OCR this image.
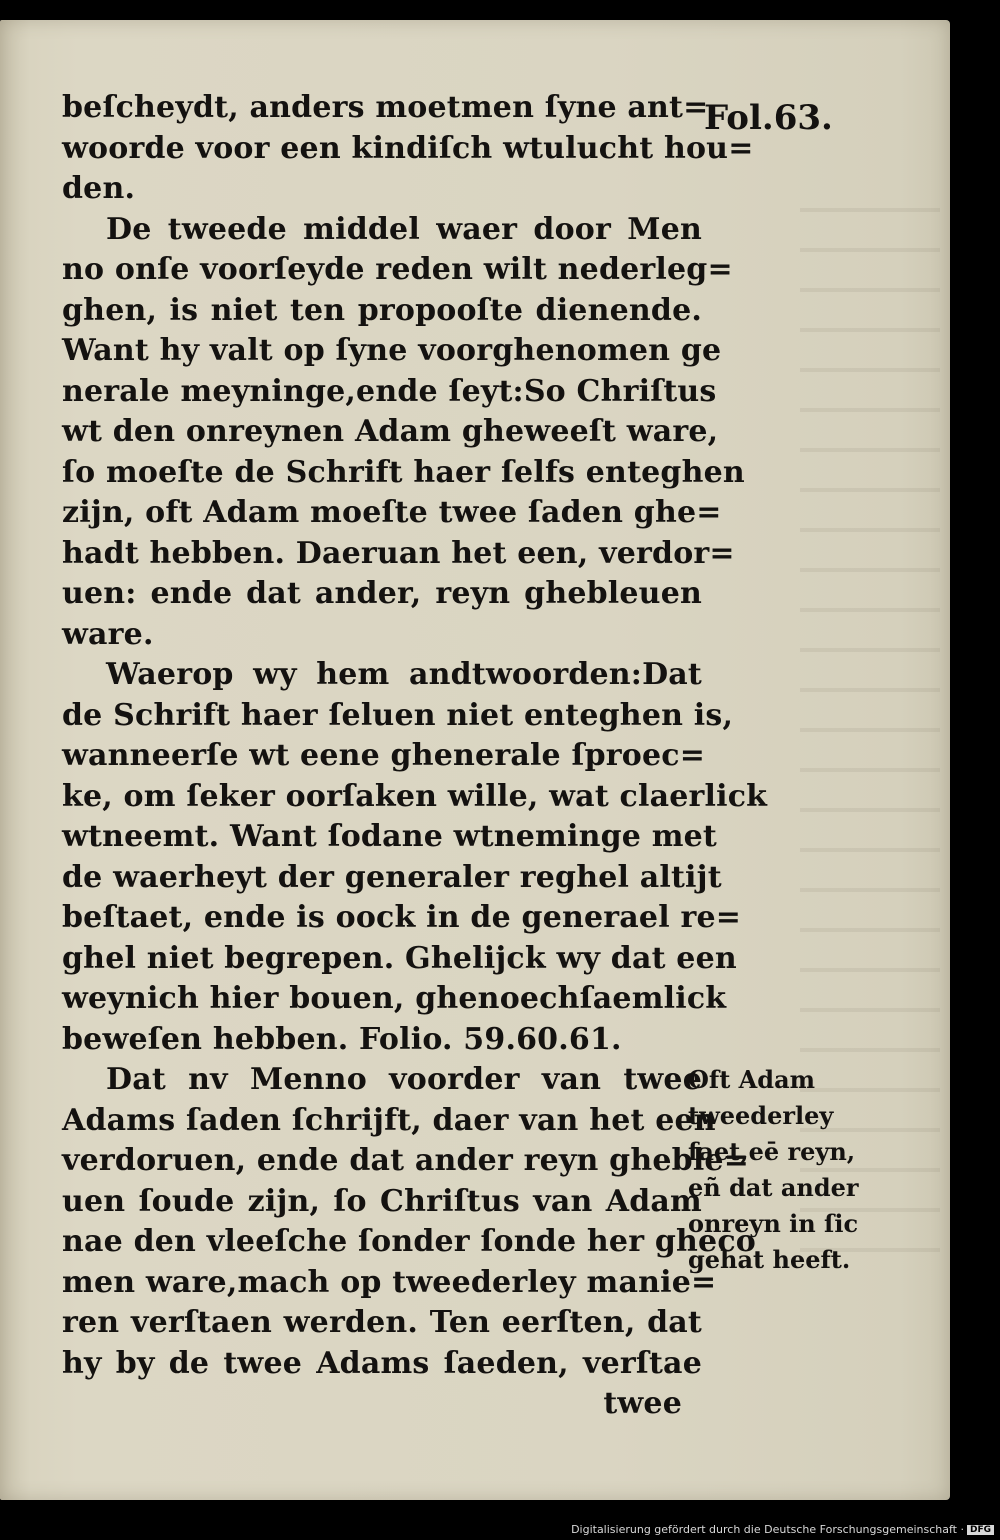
Fol.63.
beſcheydt, anders moetmen ſyne ant=
woorde voor een kindiſch wtulucht hou=
den.
De tweede middel waer door Men
no onſe voorſeyde reden wilt nederleg=
ghen, is niet ten propooſte dienende.
Want hy valt op ſyne voorghenomen ge
nerale meyninge,ende ſeyt:So Chriſtus
wt den onreynen Adam gheweeſt ware,
ſo moeſte de Schrift haer ſelfs enteghen
zijn, oft Adam moeſte twee ſaden ghe=
hadt hebben. Daeruan het een, verdor=
uen: ende dat ander, reyn ghebleuen
ware.
Waerop wy hem andtwoorden:Dat
de Schrift haer ſeluen niet enteghen is,
wanneerſe wt eene ghenerale ſproec=
ke, om ſeker oorſaken wille, wat claerlick
wtneemt. Want ſodane wtneminge met
de waerheyt der generaler reghel altijt
beſtaet, ende is oock in de generael re=
ghel niet begrepen. Ghelijck wy dat een
weynich hier bouen, ghenoechſaemlick
beweſen hebben. Folio. 59.60.61.
Dat nv Menno voorder van twee
Adams ſaden ſchrijft, daer van het een
verdoruen, ende dat ander reyn gheble=
uen ſoude zijn, ſo Chriſtus van Adam
nae den vleeſche ſonder ſonde her gheco
men ware,mach op tweederley manie=
ren verſtaen werden. Ten eerſten, dat
hy by de twee Adams ſaeden, verſtae
twee
Oft Adam
tweederley
ſaet,eē reyn,
eñ dat ander
onreyn in ſic
gehat heeft.
Digitalisierung gefördert durch die Deutsche Forschungsgemeinschaft · DFG
